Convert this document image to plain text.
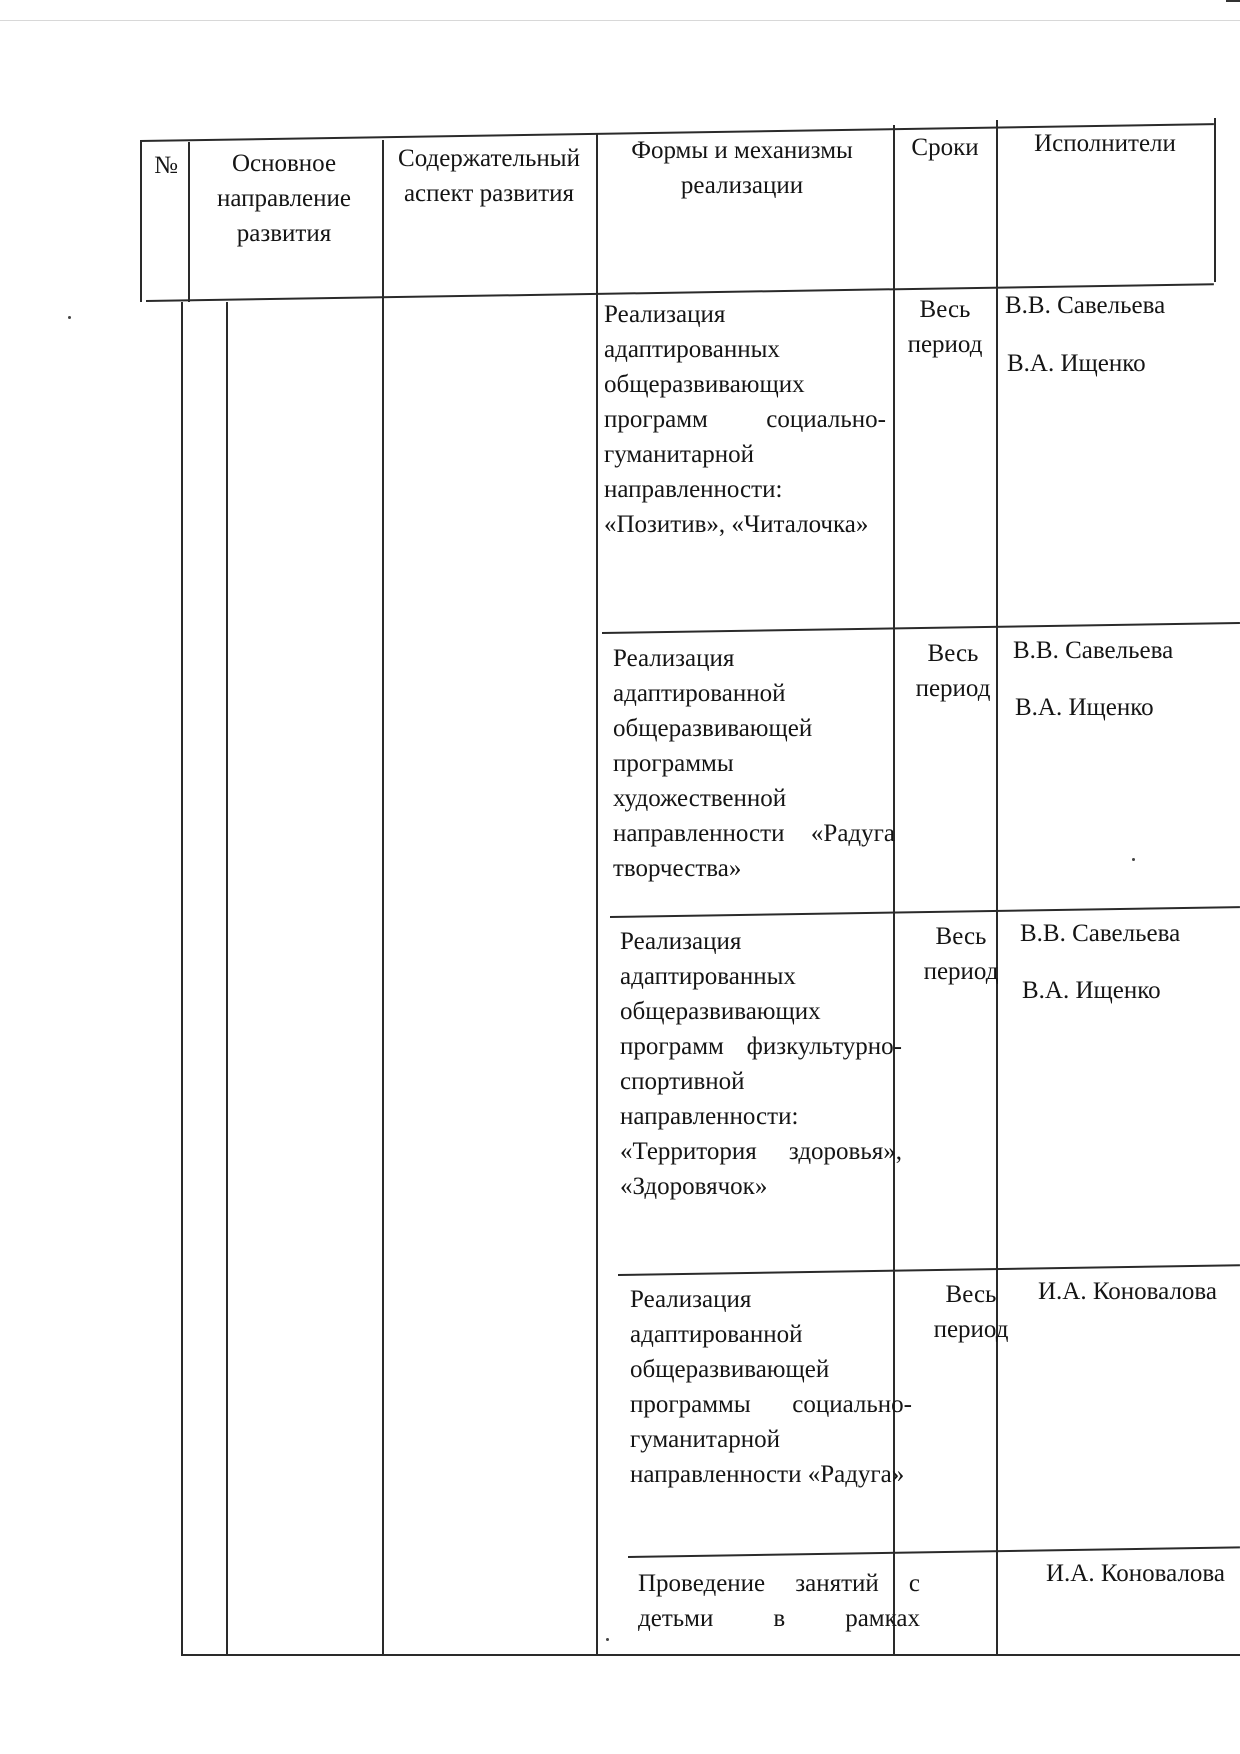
№	Основное направление развития
Содержательный аспект развития
Формы и механизмы реализации
Сроки	Исполнители
Реализация адаптированных общеразвивающих программ социально-гуманитарной направленности: «Позитив», «Читалочка»
Весь период
В.В. Савельева
В.А. Ищенко
Реализация адаптированной общеразвивающей программы художественной направленности «Радуга творчества»
Весь период
В.В. Савельева
В.А. Ищенко
Реализация адаптированных общеразвивающих программ физкультурно-спортивной направленности: «Территория здоровья», «Здоровячок»
Весь период
В.В. Савельева
В.А. Ищенко
Реализация адаптированной общеразвивающей программы социально-гуманитарной направленности «Радуга»
Весь период
И.А. Коновалова
Проведение занятий с детьми в рамках
И.А. Коновалова
